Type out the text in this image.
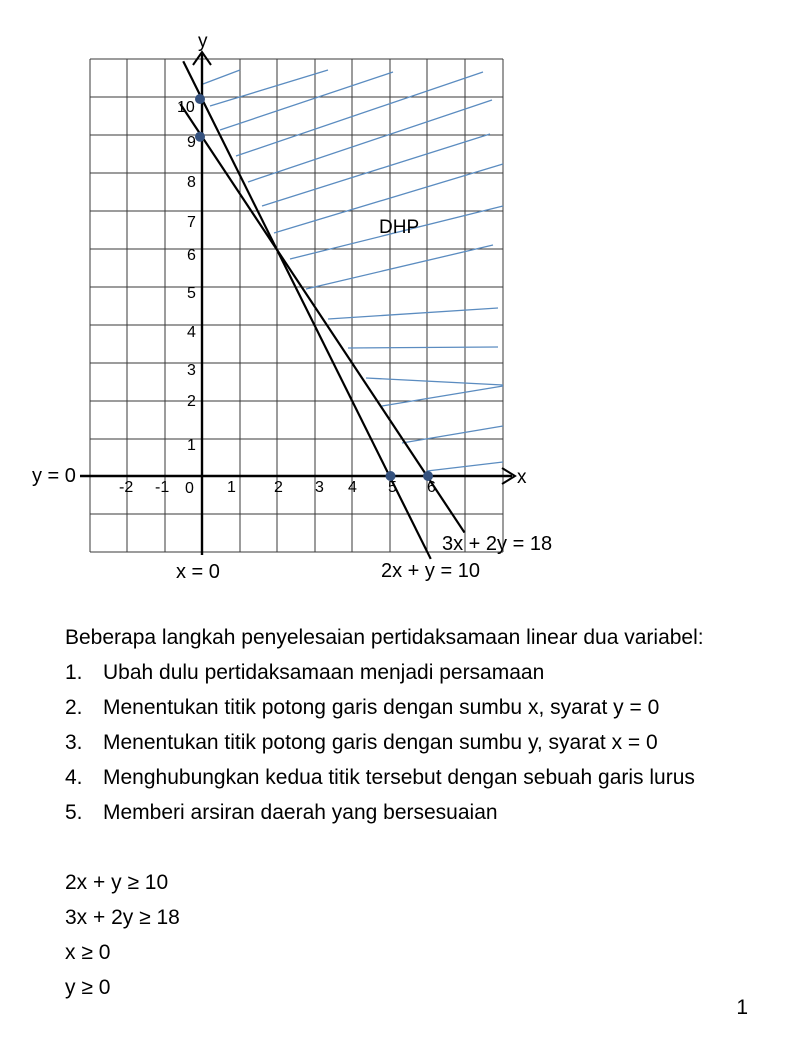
y
x
10
9
8
7
6
5
4
3
2
1
-2 -1 0 1 2 3 4 5 6
DHP
y = 0
x = 0
3x + 2y = 18
2x + y = 10

Beberapa langkah penyelesaian pertidaksamaan linear dua variabel:

1. Ubah dulu pertidaksamaan menjadi persamaan
2. Menentukan titik potong garis dengan sumbu x, syarat y = 0
3. Menentukan titik potong garis dengan sumbu y, syarat x = 0
4. Menghubungkan kedua titik tersebut dengan sebuah garis lurus
5. Memberi arsiran daerah yang bersesuaian
2x + y ≥ 10
3x + 2y ≥ 18
x ≥ 0
y ≥ 0
1
